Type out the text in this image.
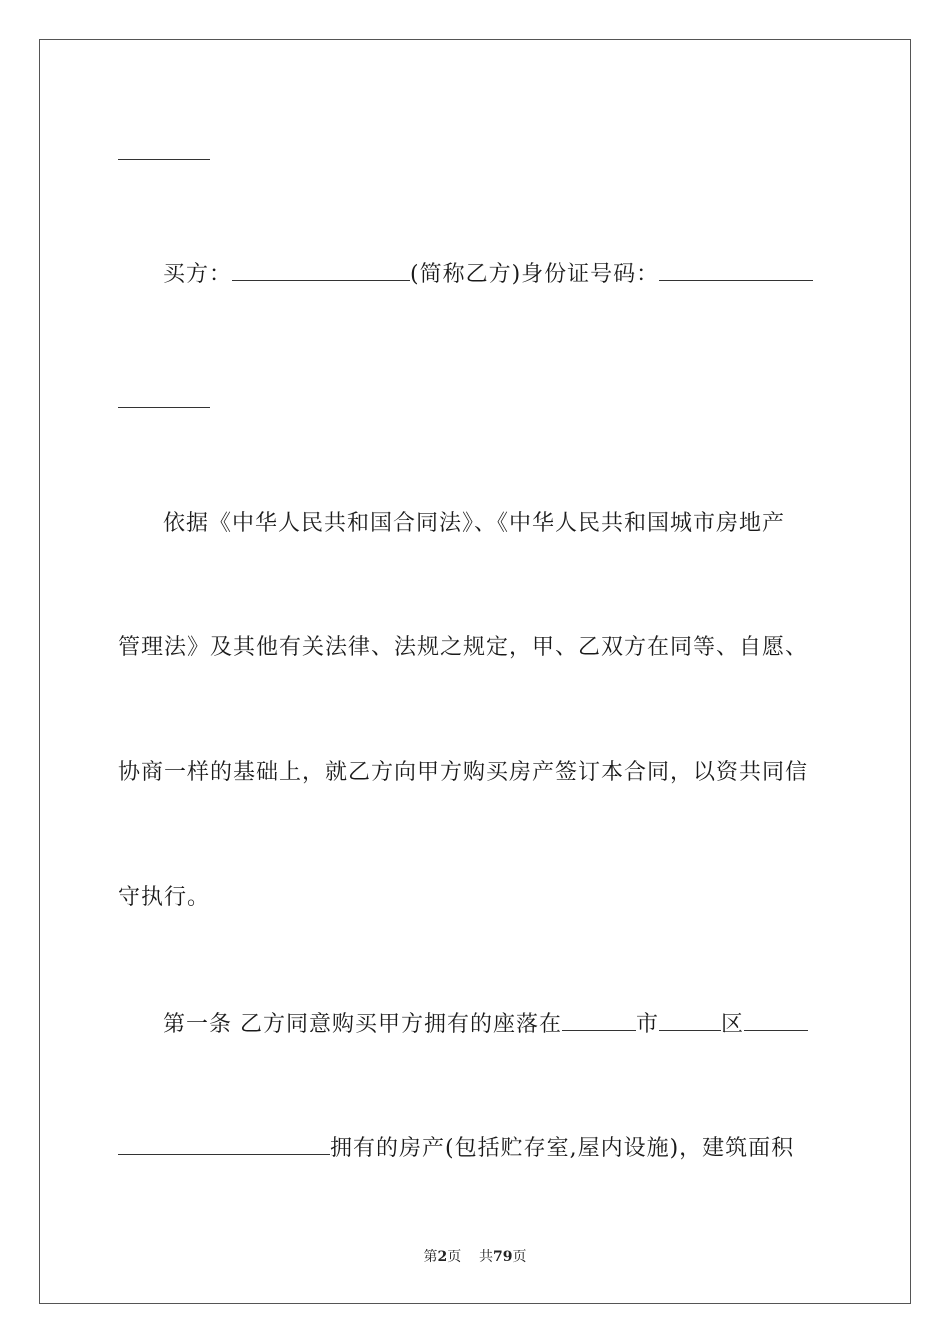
买方：	(简称乙方)身份证号码：
依据《中华人民共和国合同法》、《中华人民共和国城市房地产
管理法》及其他有关法律、法规之规定，甲、乙双方在同等、自愿、
协商一样的基础上，就乙方向甲方购买房产签订本合同，以资共同信
守执行。
第一条 乙方同意购买甲方拥有的座落在	市	区
拥有的房产(包括贮存室,屋内设施)，建筑面积
第2页 共79页
